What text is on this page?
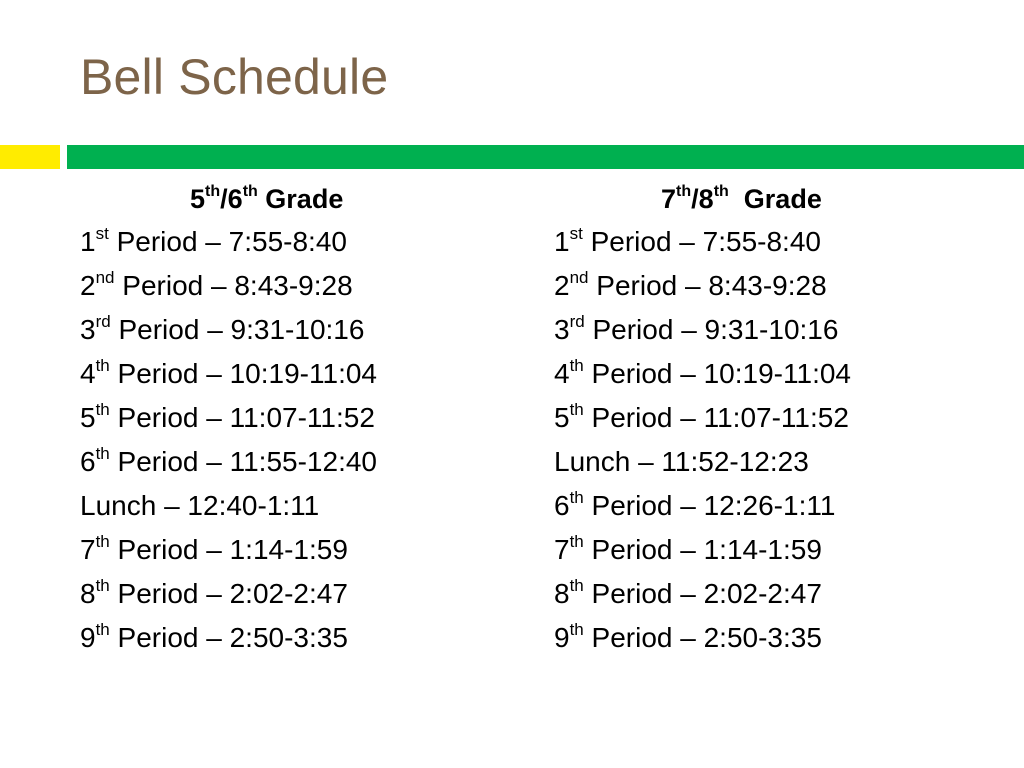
Bell Schedule
5th/6th Grade
1st Period – 7:55-8:40
2nd Period – 8:43-9:28
3rd Period – 9:31-10:16
4th Period – 10:19-11:04
5th Period – 11:07-11:52
6th Period – 11:55-12:40
Lunch – 12:40-1:11
7th Period – 1:14-1:59
8th Period – 2:02-2:47
9th Period – 2:50-3:35
7th/8th  Grade
1st Period – 7:55-8:40
2nd Period – 8:43-9:28
3rd Period – 9:31-10:16
4th Period – 10:19-11:04
5th Period – 11:07-11:52
Lunch – 11:52-12:23
6th Period – 12:26-1:11
7th Period – 1:14-1:59
8th Period – 2:02-2:47
9th Period – 2:50-3:35
